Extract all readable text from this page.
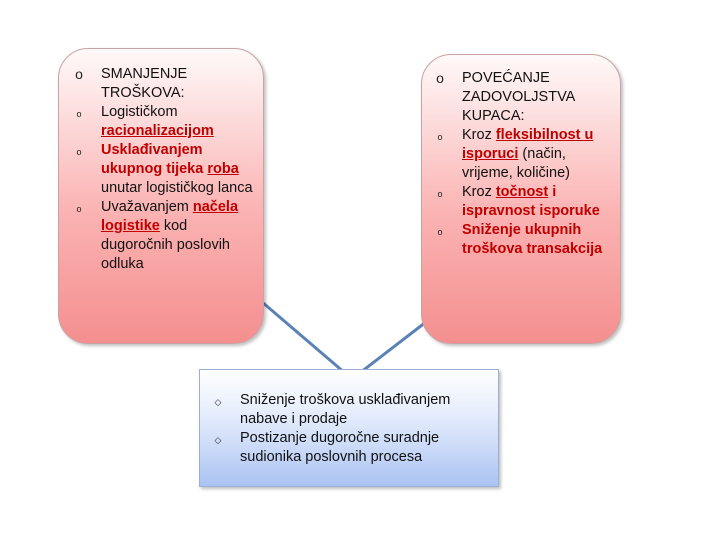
o	SMANJENJE TROŠKOVA:
o	Logističkom racionalizacijom
o	Usklađivanjem ukupnog tijeka roba unutar logističkog lanca
o	Uvažavanjem načela logistike kod dugoročnih poslovih odluka
o	POVEĆANJE ZADOVOLJSTVA KUPACA:
o	Kroz fleksibilnost u isporuci (način, vrijeme, količine)
o	Kroz točnost i ispravnost isporuke
o	Sniženje ukupnih troškova transakcija
◇	Sniženje troškova usklađivanjem nabave i prodaje
◇	Postizanje dugoročne suradnje sudionika poslovnih procesa
